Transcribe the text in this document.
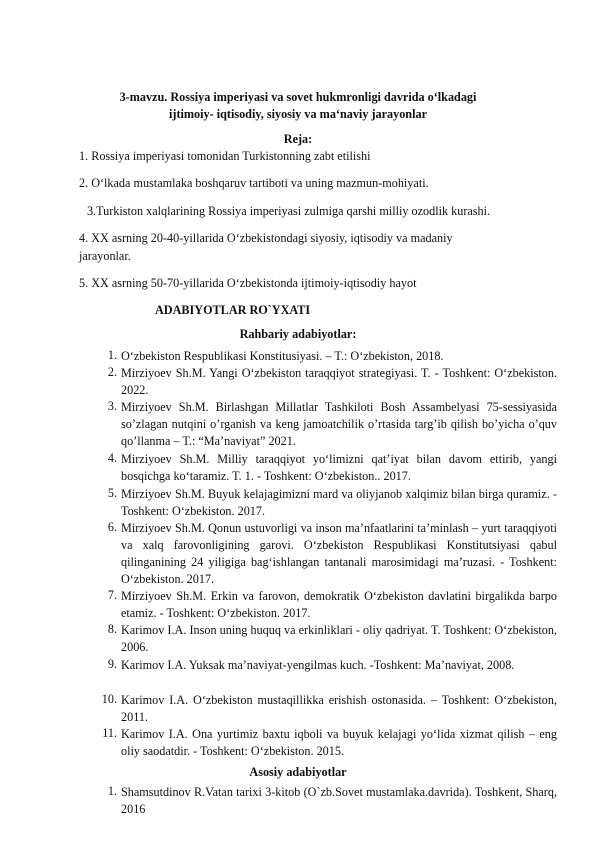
3-mavzu. Rossiya imperiyasi va sovet hukmrоnligi davrida o‘lkadagi
ijtimoiy- iqtisodiy, siyosiy va ma‘naviy jarayonlar
Reja:
1. Rossiya imperiyasi tomonidan Turkistonning zabt etilishi
2. O‘lkada mustamlaka boshqaruv tartiboti va uning mazmun-mohiyati.
3.Turkiston xalqlarining Rossiya imperiyasi zulmiga qarshi milliy ozodlik kurashi.
4. XX asrning 20-40-yillarida O‘zbekistondagi siyosiy, iqtisodiy va madaniy
jarayonlar.
5. XX asrning 50-70-yillarida O‘zbekistonda ijtimoiy-iqtisodiy hayot
ADABIYOTLAR RO`YXATI
Rahbariy adabiyotlar:
1. O‘zbekiston Respublikasi Konstitusiyasi. – T.: O‘zbekiston, 2018.
2. Mirziyoev Sh.M. Yangi O‘zbekiston taraqqiyot strategiyasi. T. - Toshkent: O‘zbekiston. 2022.
3. Mirziyoev Sh.M. Birlashgan Millatlar Tashkiloti Bosh Assambelyasi 75-sessiyasida so’zlagan nutqini o’rganish va keng jamoatchilik o’rtasida targ’ib qilish bo’yicha o’quv qo’llanma – T.: “Ma’naviyat” 2021.
4. Mirziyoev Sh.M. Milliy taraqqiyot yo‘limizni qat’iyat bilan davom ettirib, yangi bosqichga ko‘taramiz. T. 1. - Toshkent: O‘zbekiston.. 2017.
5. Mirziyoev Sh.M. Buyuk kelajagimizni mard va oliyjanob xalqimiz bilan birga quramiz. - Toshkent: O‘zbekiston. 2017.
6. Mirziyoev Sh.M. Qonun ustuvorligi va inson ma’nfaatlarini ta’minlash – yurt taraqqiyoti va xalq farovonligining garovi. O‘zbekiston Respublikasi Konstitutsiyasi qabul qilinganining 24 yiligiga bag‘ishlangan tantanali marosimidagi ma’ruzasi. - Toshkent: O‘zbekiston. 2017.
7. Mirziyoev Sh.M. Erkin va farovon, demokratik O‘zbekiston davlatini birgalikda barpo etamiz. - Toshkent: O‘zbekiston. 2017.
8. Karimov I.A. Inson uning huquq va erkinliklari - oliy qadriyat. T. Toshkent: O‘zbekiston, 2006.
9. Karimov I.A. Yuksak ma’naviyat-yengilmas kuch. -Toshkent: Ma’naviyat, 2008.
10. Karimov I.A. O‘zbekiston mustaqillikka erishish ostonasida. – Toshkent: O‘zbekiston, 2011.
11. Karimov I.A. Ona yurtimiz baxtu iqboli va buyuk kelajagi yo‘lida xizmat qilish – eng oliy saodatdir. - Toshkent: O‘zbekiston. 2015.
Asosiy adabiyotlar
1. Shamsutdinov R.Vatan tarixi 3-kitob (O`zb.Sovet mustamlaka.davrida). Toshkent, Sharq, 2016
